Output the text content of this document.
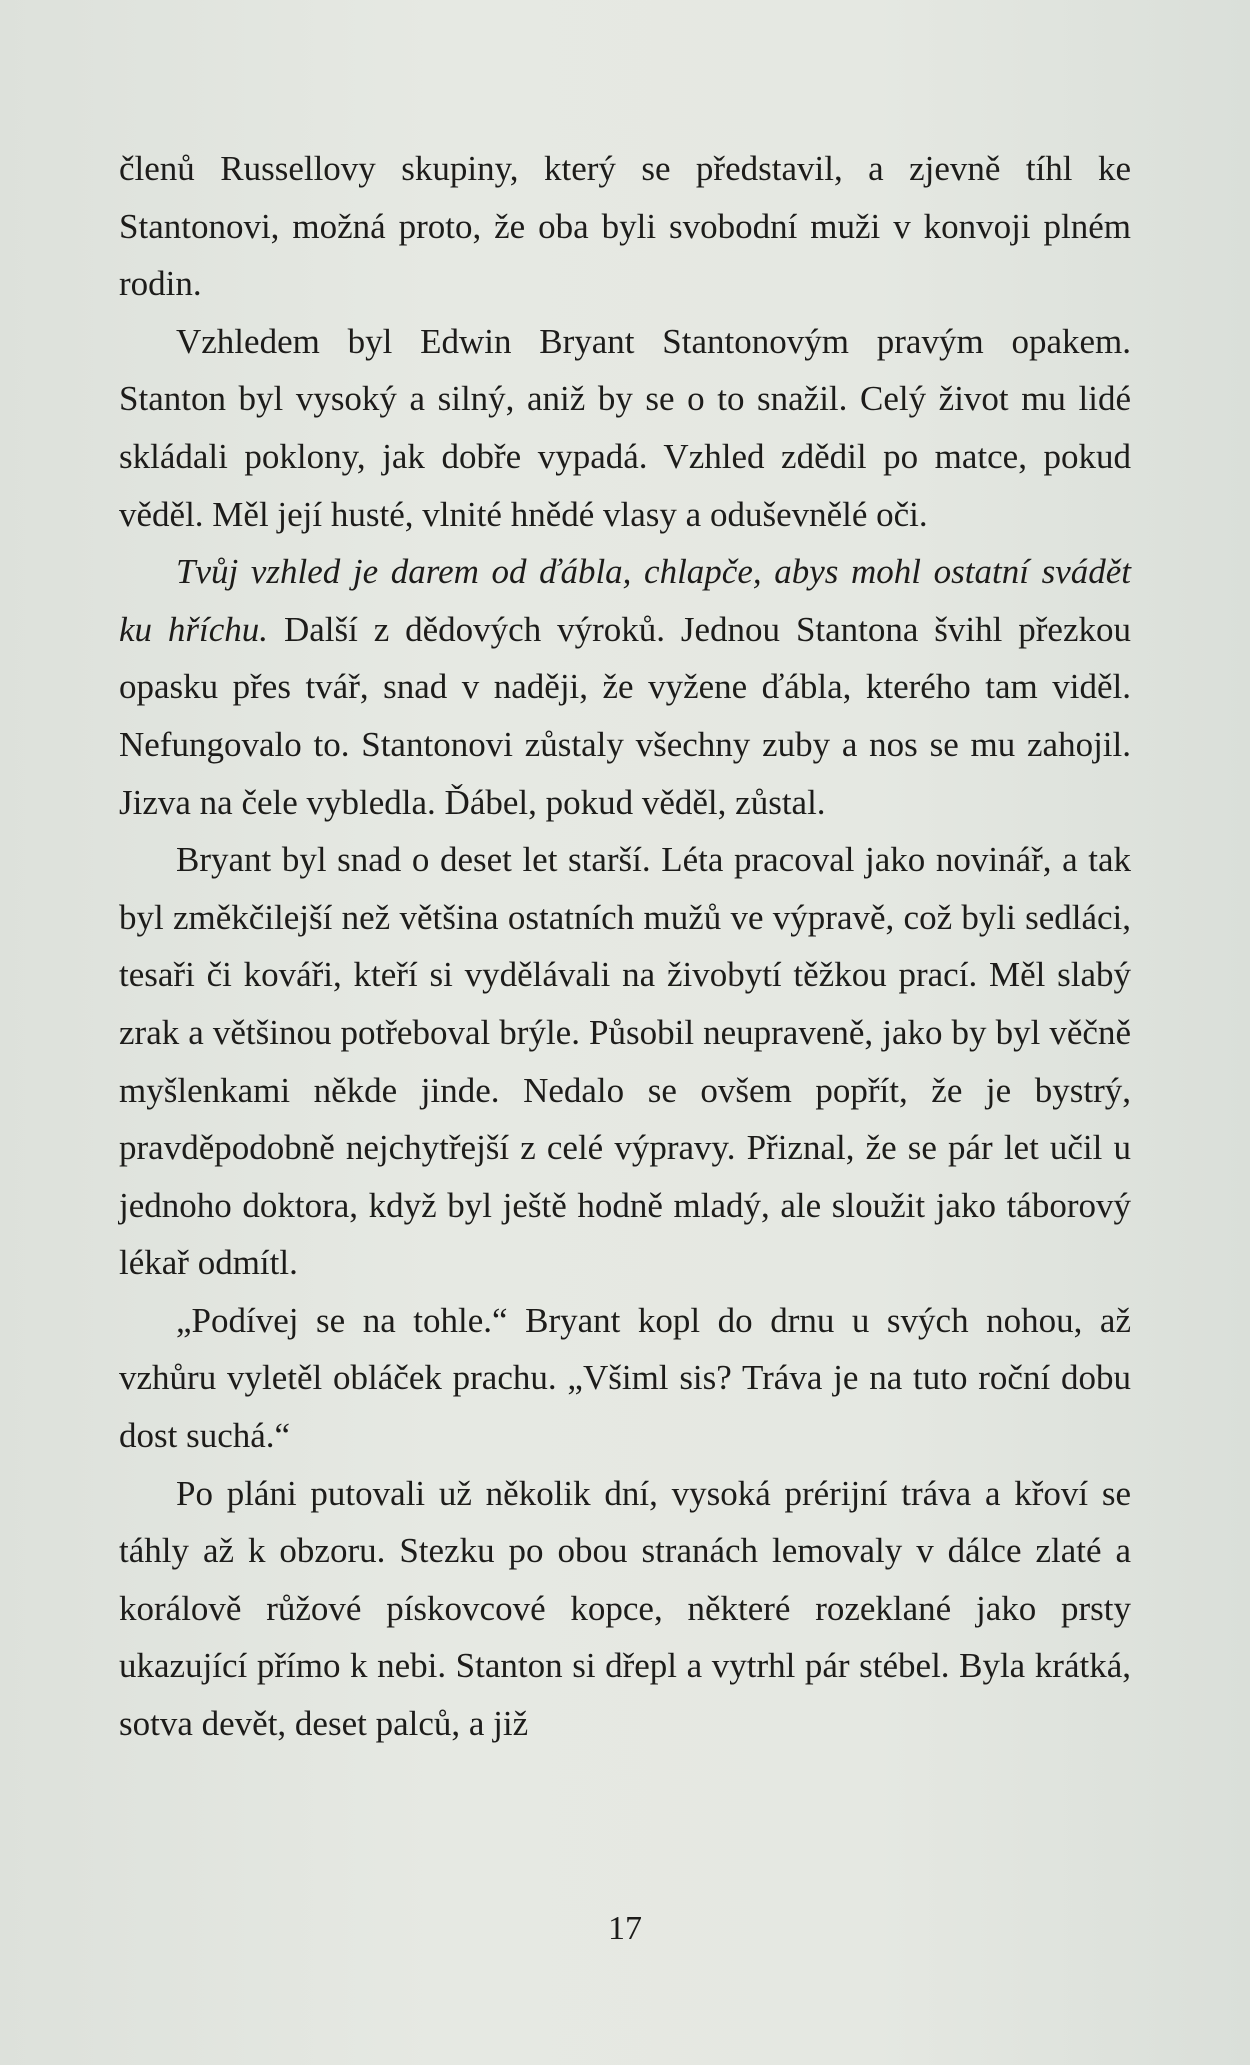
členů Russellovy skupiny, který se představil, a zjevně tíhl ke Stantonovi, možná proto, že oba byli svobodní muži v konvoji plném rodin.

Vzhledem byl Edwin Bryant Stantonovým pravým opakem. Stanton byl vysoký a silný, aniž by se o to snažil. Celý život mu lidé skládali poklony, jak dobře vypadá. Vzhled zdědil po matce, pokud věděl. Měl její husté, vlnité hnědé vlasy a oduševnělé oči.

Tvůj vzhled je darem od ďábla, chlapče, abys mohl ostatní svádět ku hříchu. Další z dědových výroků. Jednou Stantona švihl přezkou opasku přes tvář, snad v naději, že vyžene ďábla, kterého tam viděl. Nefungovalo to. Stantonovi zůstaly všechny zuby a nos se mu zahojil. Jizva na čele vybledla. Ďábel, pokud věděl, zůstal.

Bryant byl snad o deset let starší. Léta pracoval jako novinář, a tak byl změkčilejší než většina ostatních mužů ve výpravě, což byli sedláci, tesaři či kováři, kteří si vydělávali na živobytí těžkou prací. Měl slabý zrak a většinou potřeboval brýle. Působil neupraveně, jako by byl věčně myšlenkami někde jinde. Nedalo se ovšem popřít, že je bystrý, pravděpodobně nejchytřejší z celé výpravy. Přiznal, že se pár let učil u jednoho doktora, když byl ještě hodně mladý, ale sloužit jako táborový lékař odmítl.

„Podívej se na tohle.“ Bryant kopl do drnu u svých nohou, až vzhůru vyletěl obláček prachu. „Všiml sis? Tráva je na tuto roční dobu dost suchá.“

Po pláni putovali už několik dní, vysoká prérijní tráva a křoví se táhly až k obzoru. Stezku po obou stranách lemovaly v dálce zlaté a korálově růžové pískovcové kopce, některé rozeklané jako prsty ukazující přímo k nebi. Stanton si dřepl a vytrhl pár stébel. Byla krátká, sotva devět, deset palců, a již

17
